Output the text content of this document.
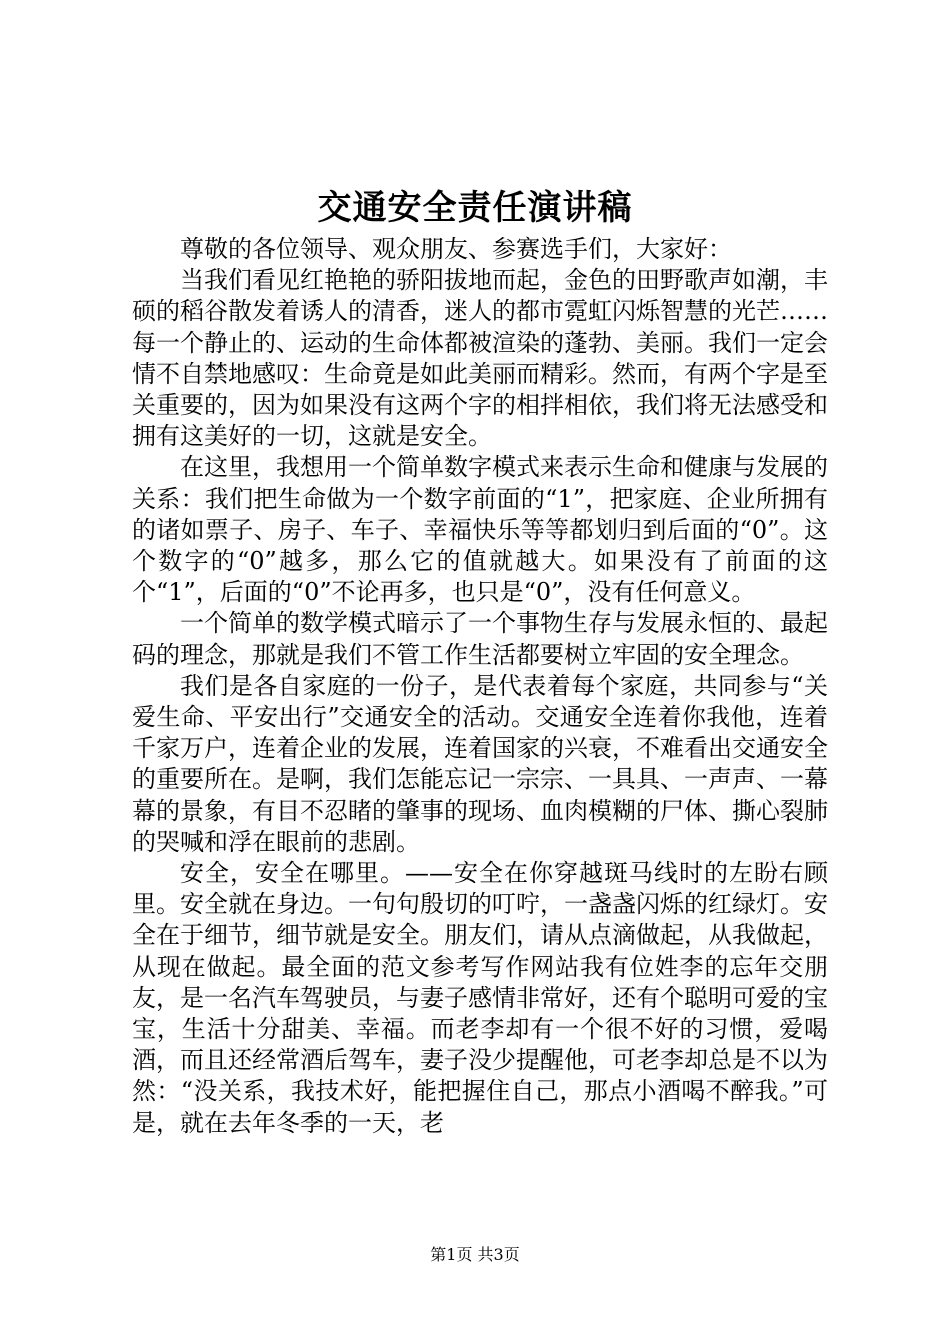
交通安全责任演讲稿

尊敬的各位领导、观众朋友、参赛选手们，大家好：

当我们看见红艳艳的骄阳拔地而起，金色的田野歌声如潮，丰硕的稻谷散发着诱人的清香，迷人的都市霓虹闪烁智慧的光芒……每一个静止的、运动的生命体都被渲染的蓬勃、美丽。我们一定会情不自禁地感叹：生命竟是如此美丽而精彩。然而，有两个字是至关重要的，因为如果没有这两个字的相拌相依，我们将无法感受和拥有这美好的一切，这就是安全。

在这里，我想用一个简单数字模式来表示生命和健康与发展的关系：我们把生命做为一个数字前面的“1”，把家庭、企业所拥有的诸如票子、房子、车子、幸福快乐等等都划归到后面的“0”。这个数字的“0”越多，那么它的值就越大。如果没有了前面的这个“1”，后面的“0”不论再多，也只是“0”，没有任何意义。

一个简单的数学模式暗示了一个事物生存与发展永恒的、最起码的理念，那就是我们不管工作生活都要树立牢固的安全理念。

我们是各自家庭的一份子，是代表着每个家庭，共同参与“关爱生命、平安出行”交通安全的活动。交通安全连着你我他，连着千家万户，连着企业的发展，连着国家的兴衰，不难看出交通安全的重要所在。是啊，我们怎能忘记一宗宗、一具具、一声声、一幕幕的景象，有目不忍睹的肇事的现场、血肉模糊的尸体、撕心裂肺的哭喊和浮在眼前的悲剧。

安全，安全在哪里。——安全在你穿越斑马线时的左盼右顾里。安全就在身边。一句句殷切的叮咛，一盏盏闪烁的红绿灯。安全在于细节，细节就是安全。朋友们，请从点滴做起，从我做起，从现在做起。最全面的范文参考写作网站我有位姓李的忘年交朋友，是一名汽车驾驶员，与妻子感情非常好，还有个聪明可爱的宝宝，生活十分甜美、幸福。而老李却有一个很不好的习惯，爱喝酒，而且还经常酒后驾车，妻子没少提醒他，可老李却总是不以为然：“没关系，我技术好，能把握住自己，那点小酒喝不醉我。”可是，就在去年冬季的一天，老

第1页 共3页
